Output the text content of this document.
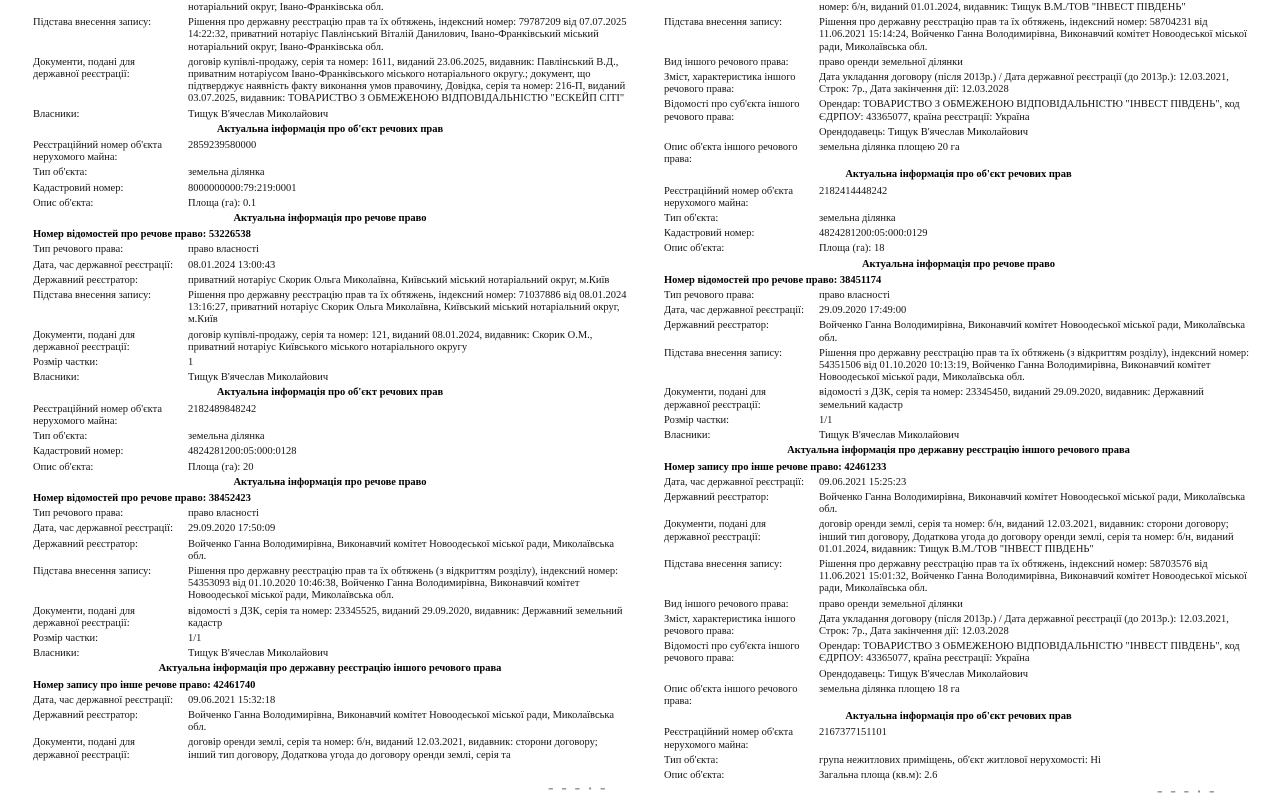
нотаріальний округ, Івано-Франківська обл.
Підстава внесення запису:	Рішення про державну реєстрацію прав та їх обтяжень, індексний номер: 79787209 від 07.07.2025 14:22:32, приватний нотаріус Павлінський Віталій Данилович, Івано-Франківський міський нотаріальний округ, Івано-Франківська обл.
Документи, подані для державної реєстрації:
договір купівлі-продажу, серія та номер: 1611, виданий 23.06.2025, видавник: Павлінський В.Д., приватним нотаріусом Івано-Франківського міського нотаріального округу.; документ, що підтверджує наявність факту виконання умов правочину, Довідка, серія та номер: 216-П, виданий 03.07.2025, видавник: ТОВАРИСТВО З ОБМЕЖЕНОЮ ВІДПОВІДАЛЬНІСТЮ "ЕСКЕЙП СІТІ"
Власники:	Тищук В'ячеслав Миколайович
Актуальна інформація про об'єкт речових прав
Реєстраційний номер об'єкта нерухомого майна:
2859239580000
Тип об'єкта:	земельна ділянка
Кадастровий номер:	8000000000:79:219:0001
Опис об'єкта:	Площа (га): 0.1
Актуальна інформація про речове право
Номер відомостей про речове право: 53226538
Тип речового права:	право власності
Дата, час державної реєстрації:	08.01.2024 13:00:43
Державний реєстратор:	приватний нотаріус Скорик Ольга Миколаївна, Київський міський нотаріальний округ, м.Київ
Підстава внесення запису:	Рішення про державну реєстрацію прав та їх обтяжень, індексний номер: 71037886 від 08.01.2024 13:16:27, приватний нотаріус Скорик Ольга Миколаївна, Київський міський нотаріальний округ, м.Київ
Документи, подані для державної реєстрації:
договір купівлі-продажу, серія та номер: 121, виданий 08.01.2024, видавник: Скорик О.М., приватний нотаріус Київського міського нотаріального округу
Розмір частки:	1
Власники:	Тищук В'ячеслав Миколайович
Актуальна інформація про об'єкт речових прав
Реєстраційний номер об'єкта нерухомого майна:
2182489848242
Тип об'єкта:	земельна ділянка
Кадастровий номер:	4824281200:05:000:0128
Опис об'єкта:	Площа (га): 20
Актуальна інформація про речове право
Номер відомостей про речове право: 38452423
Тип речового права:	право власності
Дата, час державної реєстрації:	29.09.2020 17:50:09
Державний реєстратор:	Войченко Ганна Володимирівна, Виконавчий комітет Новоодеської міської ради, Миколаївська обл.
Підстава внесення запису:	Рішення про державну реєстрацію прав та їх обтяжень (з відкриттям розділу), індексний номер: 54353093 від 01.10.2020 10:46:38, Войченко Ганна Володимирівна, Виконавчий комітет Новоодеської міської ради, Миколаївська обл.
Документи, подані для державної реєстрації:
відомості з ДЗК, серія та номер: 23345525, виданий 29.09.2020, видавник: Державний земельний кадастр
Розмір частки:	1/1
Власники:	Тищук В'ячеслав Миколайович
Актуальна інформація про державну реєстрацію іншого речового права
Номер запису про інше речове право: 42461740
Дата, час державної реєстрації:	09.06.2021 15:32:18
Державний реєстратор:	Войченко Ганна Володимирівна, Виконавчий комітет Новоодеської міської ради, Миколаївська обл.
Документи, подані для державної реєстрації:
договір оренди землі, серія та номер: б/н, виданий 12.03.2021, видавник: сторони договору; інший тип договору, Додаткова угода до договору оренди землі, серія та
номер: б/н, виданий 01.01.2024, видавник: Тищук В.М./ТОВ "ІНВЕСТ ПІВДЕНЬ"
Підстава внесення запису:	Рішення про державну реєстрацію прав та їх обтяжень, індексний номер: 58704231 від 11.06.2021 15:14:24, Войченко Ганна Володимирівна, Виконавчий комітет Новоодеської міської ради, Миколаївська обл.
Вид іншого речового права:	право оренди земельної ділянки
Зміст, характеристика іншого речового права:
Дата укладання договору (після 2013р.) / Дата державної реєстрації (до 2013р.): 12.03.2021, Строк: 7р., Дата закінчення дії: 12.03.2028
Відомості про суб'єкта іншого речового права:
Орендар: ТОВАРИСТВО З ОБМЕЖЕНОЮ ВІДПОВІДАЛЬНІСТЮ "ІНВЕСТ ПІВДЕНЬ", код ЄДРПОУ: 43365077, країна реєстрації: Україна
Орендодавець: Тищук В'ячеслав Миколайович
Опис об'єкта іншого речового права:
земельна ділянка площею 20 га
Актуальна інформація про об'єкт речових прав
Реєстраційний номер об'єкта нерухомого майна:
2182414448242
Тип об'єкта:	земельна ділянка
Кадастровий номер:	4824281200:05:000:0129
Опис об'єкта:	Площа (га): 18
Актуальна інформація про речове право
Номер відомостей про речове право: 38451174
Тип речового права:	право власності
Дата, час державної реєстрації:	29.09.2020 17:49:00
Державний реєстратор:	Войченко Ганна Володимирівна, Виконавчий комітет Новоодеської міської ради, Миколаївська обл.
Підстава внесення запису:	Рішення про державну реєстрацію прав та їх обтяжень (з відкриттям розділу), індексний номер: 54351506 від 01.10.2020 10:13:19, Войченко Ганна Володимирівна, Виконавчий комітет Новоодеської міської ради, Миколаївська обл.
Документи, подані для державної реєстрації:
відомості з ДЗК, серія та номер: 23345450, виданий 29.09.2020, видавник: Державний земельний кадастр
Розмір частки:	1/1
Власники:	Тищук В'ячеслав Миколайович
Актуальна інформація про державну реєстрацію іншого речового права
Номер запису про інше речове право: 42461233
Дата, час державної реєстрації:	09.06.2021 15:25:23
Державний реєстратор:	Войченко Ганна Володимирівна, Виконавчий комітет Новоодеської міської ради, Миколаївська обл.
Документи, подані для державної реєстрації:
договір оренди землі, серія та номер: б/н, виданий 12.03.2021, видавник: сторони договору; інший тип договору, Додаткова угода до договору оренди землі, серія та номер: б/н, виданий 01.01.2024, видавник: Тищук В.М./ТОВ "ІНВЕСТ ПІВДЕНЬ"
Підстава внесення запису:	Рішення про державну реєстрацію прав та їх обтяжень, індексний номер: 58703576 від 11.06.2021 15:01:32, Войченко Ганна Володимирівна, Виконавчий комітет Новоодеської міської ради, Миколаївська обл.
Вид іншого речового права:	право оренди земельної ділянки
Зміст, характеристика іншого речового права:
Дата укладання договору (після 2013р.) / Дата державної реєстрації (до 2013р.): 12.03.2021, Строк: 7р., Дата закінчення дії: 12.03.2028
Відомості про суб'єкта іншого речового права:
Орендар: ТОВАРИСТВО З ОБМЕЖЕНОЮ ВІДПОВІДАЛЬНІСТЮ "ІНВЕСТ ПІВДЕНЬ", код ЄДРПОУ: 43365077, країна реєстрації: Україна
Орендодавець: Тищук В'ячеслав Миколайович
Опис об'єкта іншого речового права:
земельна ділянка площею 18 га
Актуальна інформація про об'єкт речових прав
Реєстраційний номер об'єкта нерухомого майна:
2167377151101
Тип об'єкта:	група нежитлових приміщень, об'єкт житлової нерухомості: Ні
Опис об'єкта:	Загальна площа (кв.м): 2.6
– – – · –	– – – · –
